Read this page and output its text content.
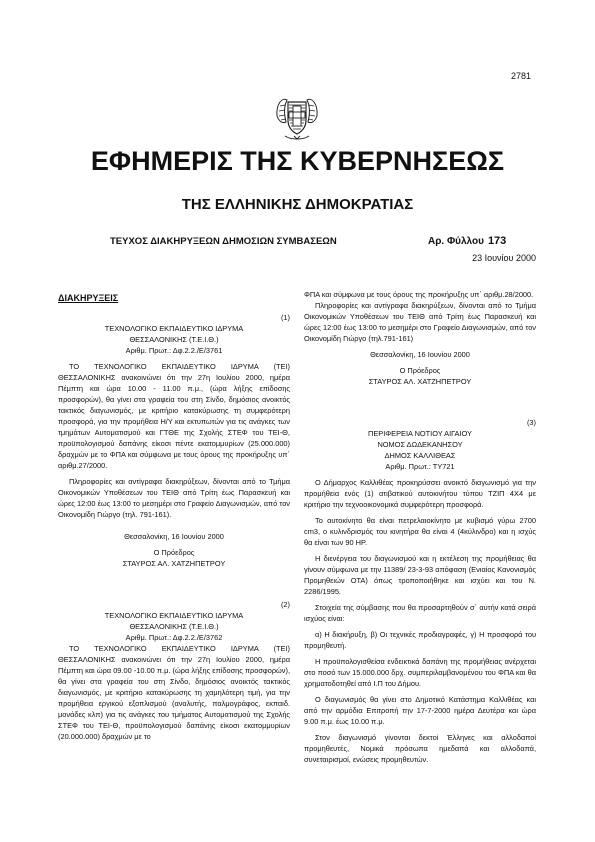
2781
ΕΦΗΜΕΡΙΣ ΤΗΣ ΚΥΒΕΡΝΗΣΕΩΣ
ΤΗΣ ΕΛΛΗΝΙΚΗΣ ΔΗΜΟΚΡΑΤΙΑΣ
ΤΕΥΧΟΣ ΔΙΑΚΗΡΥΞΕΩΝ ΔΗΜΟΣΙΩΝ ΣΥΜΒΑΣΕΩΝ	Αρ. Φύλλου 173
23 Ιουνίου 2000

ΔΙΑΚΗΡΥΞΕΙΣ

(1)

ΤΕΧΝΟΛΟΓΙΚΟ ΕΚΠΑΙΔΕΥΤΙΚΟ ΙΔΡΥΜΑ

ΘΕΣΣΑΛΟΝΙΚΗΣ (Τ.Ε.Ι.Θ.)

Αριθμ. Πρωτ.: Δφ.2.2./Ε/3761

ΤΟ ΤΕΧΝΟΛΟΓΙΚΟ ΕΚΠΑΙΔΕΥΤΙΚΟ ΙΔΡΥΜΑ (ΤΕΙ) ΘΕΣΣΑΛΟΝΙΚΗΣ ανακοινώνει ότι την 27η Ιουλίου 2000, ημέρα Πέμπτη και ώρα 10.00 - 11.00 π.μ., (ώρα λήξης επίδοσης προσφορών), θα γίνει στα γραφεία του στη Σίνδο, δημόσιος ανοικτός τακτικός διαγωνισμός, με κριτήριο κατακύρωσης τη συμφερότερη προσφορά, για την προμήθεια Η/Υ και εκτυπωτών για τις ανάγκες των τμημάτων Αυτοματισμού και ΓΤΘΕ της Σχολής ΣΤΕΦ του ΤΕΙ-Θ, προϋπολογισμού δαπάνης είκοσι πέντε εκατομμυρίων (25.000.000) δραχμών με το ΦΠΑ και σύμφωνα με τους όρους της προκήρυξης υπ΄ αριθμ.27/2000.

Πληροφορίες και αντίγραφα διακηρύξεων, δίνονται από το Τμήμα Οικονομικών Υποθέσεων του ΤΕΙΘ από Τρίτη έως Παρασκευή και ώρες 12:00 έως 13:00 το μεσημέρι στο Γραφείο Διαγωνισμών, από τον Οικονομίδη Γιώργο (τηλ. 791-161).

Θεσσαλονίκη, 16 Ιουνίου 2000

Ο Πρόεδρος

ΣΤΑΥΡΟΣ ΑΛ. ΧΑΤΖΗΠΕΤΡΟΥ

(2)

ΤΕΧΝΟΛΟΓΙΚΟ ΕΚΠΑΙΔΕΥΤΙΚΟ ΙΔΡΥΜΑ

ΘΕΣΣΑΛΟΝΙΚΗΣ (Τ.Ε.Ι.Θ.)

Αριθμ. Πρωτ.: Δφ.2.2./Ε/3762

ΤΟ ΤΕΧΝΟΛΟΓΙΚΟ ΕΚΠΑΙΔΕΥΤΙΚΟ ΙΔΡΥΜΑ (ΤΕΙ) ΘΕΣΣΑΛΟΝΙΚΗΣ ανακοινώνει ότι την 27η Ιουλίου 2000, ημέρα Πέμπτη και ώρα 09.00 -10.00 π.μ. (ώρα λήξης επίδοσης προσφορών), θα γίνει στα γραφεία του στη Σίνδο, δημόσιος ανοικτός τακτικός διαγωνισμός, με κριτήριο κατακύρωσης τη χαμηλότερη τιμή, για την προμήθεια εργικού εξοπλισμού (αναλυτής, παλμογράφος, εκπαιδ. μονάδες κλπ) για τις ανάγκες του τμήματος Αυτοματισμού της Σχολής ΣΤΕΦ του ΤΕΙ-Θ, προϋπολογισμού δαπάνης είκοσι εκατομμυρίων (20.000.000) δραχμών με το

ΦΠΑ και σύμφωνα με τους όρους της προκήρυξης υπ΄ αριθμ.28/2000.

Πληροφορίες και αντίγραφα διακηρύξεων, δίνονται από το Τμήμα Οικονομικών Υποθέσεων του ΤΕΙΘ από Τρίτη έως Παρασκευή και ώρες 12:00 έως 13:00 το μεσημέρι στο Γραφείο Διαγωνισμών, από τον Οικονομίδη Γιώργο (τηλ.791-161)

Θεσσαλονίκη, 16 Ιουνίου 2000

Ο Πρόεδρος

ΣΤΑΥΡΟΣ ΑΛ. ΧΑΤΖΗΠΕΤΡΟΥ

(3)

ΠΕΡΙΦΕΡΕΙΑ ΝΟΤΙΟΥ ΑΙΓΑΙΟΥ

ΝΟΜΟΣ ΔΩΔΕΚΑΝΗΣΟΥ

ΔΗΜΟΣ ΚΑΛΛΙΘΕΑΣ

Αριθμ. Πρωτ.: ΤΥ721

Ο Δήμαρχος Καλλιθέας προκηρύσσει ανοικτό διαγωνισμό για την προμήθεια ενός (1) ατιβατικού αυτοκινήτου τύπου ΤΖΙΠ 4Χ4 με κριτήριο την τεχνοοικονομικά συμφερότερη προσφορά.

Το αυτοκίνητο θα είναι πετρελαιοκίνητο με κυβισμό γύρω 2700 cm3, ο κυλινδρισμός του κινητήρα θα είναι 4 (4κύλινδρο) και η ισχύς θα είναι των 90 HP.

Η διενέργεια του διαγωνισμού και η εκτέλεση της προμήθειας θα γίνουν σύμφωνα με την 11389/ 23-3-93 απόφαση (Ενιαίος Κανονισμός Προμηθειών ΟΤΑ) όπως τροποποιήθηκε και ισχύει και του Ν. 2286/1995.

Στοιχεία της σύμβασης που θα προσαρτηθούν σ΄ αυτήν κατά σειρά ισχύος είναι:

α) Η διακήρυξη, β) Οι τεχνικές προδιαγραφές, γ) Η προσφορά του προμηθευτή.

Η προϋπολογισθείσα ενδεικτικά δαπάνη της προμήθειας ανέρχεται στο ποσό των 15.000.000 δρχ. συμπεριλαμβανομένου του ΦΠΑ και θα χρηματοδοτηθεί από Ι.Π του Δήμου.

Ο διαγωνισμός θα γίνει στο Δημοτικό Κατάστημα Καλλιθέας και από την αρμόδια Επιτροπή την 17-7-2000 ημέρα Δευτέρα και ώρα 9.00 π.μ. έως 10.00 π.μ.

Στον διαγωνισμό γίνονται δεκτοί Έλληνες και αλλοδαποί προμηθευτές, Νομικά πρόσωπα ημεδαπά και αλλοδαπά, συνεταιρισμοί, ενώσεις προμηθευτών.
